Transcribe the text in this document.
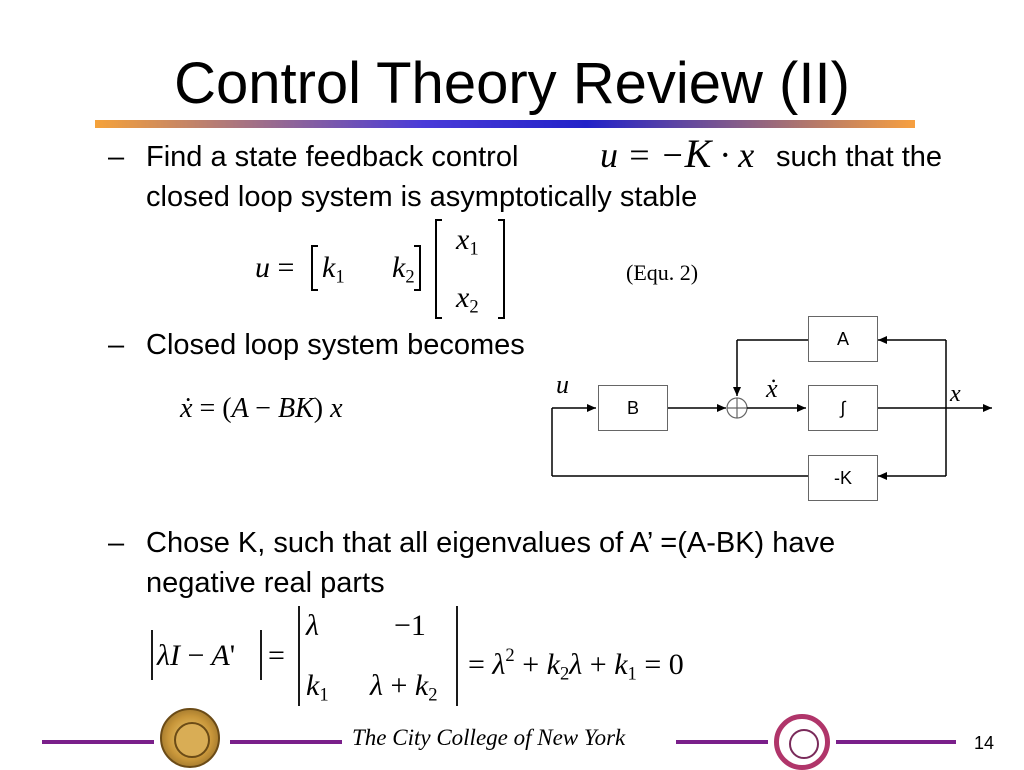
Control Theory Review (II)
– Find a state feedback control u = −K · x such that the
closed loop system is asymptotically stable
$u = k_1$ $k_2$
$x_1$
$x_2$
(Equ. 2)
– Closed loop system becomes
ẋ = (A − BK) x
A
B	∫
-K
u	ẋ	x
– Chose K, such that all eigenvalues of A’ =(A-BK) have
negative real parts
λI − A' =
λ	−1
$k_1$ $\lambda + k_2$
= $\lambda^2 + k_2\lambda + k_1 = 0$
The City College of New York	14
